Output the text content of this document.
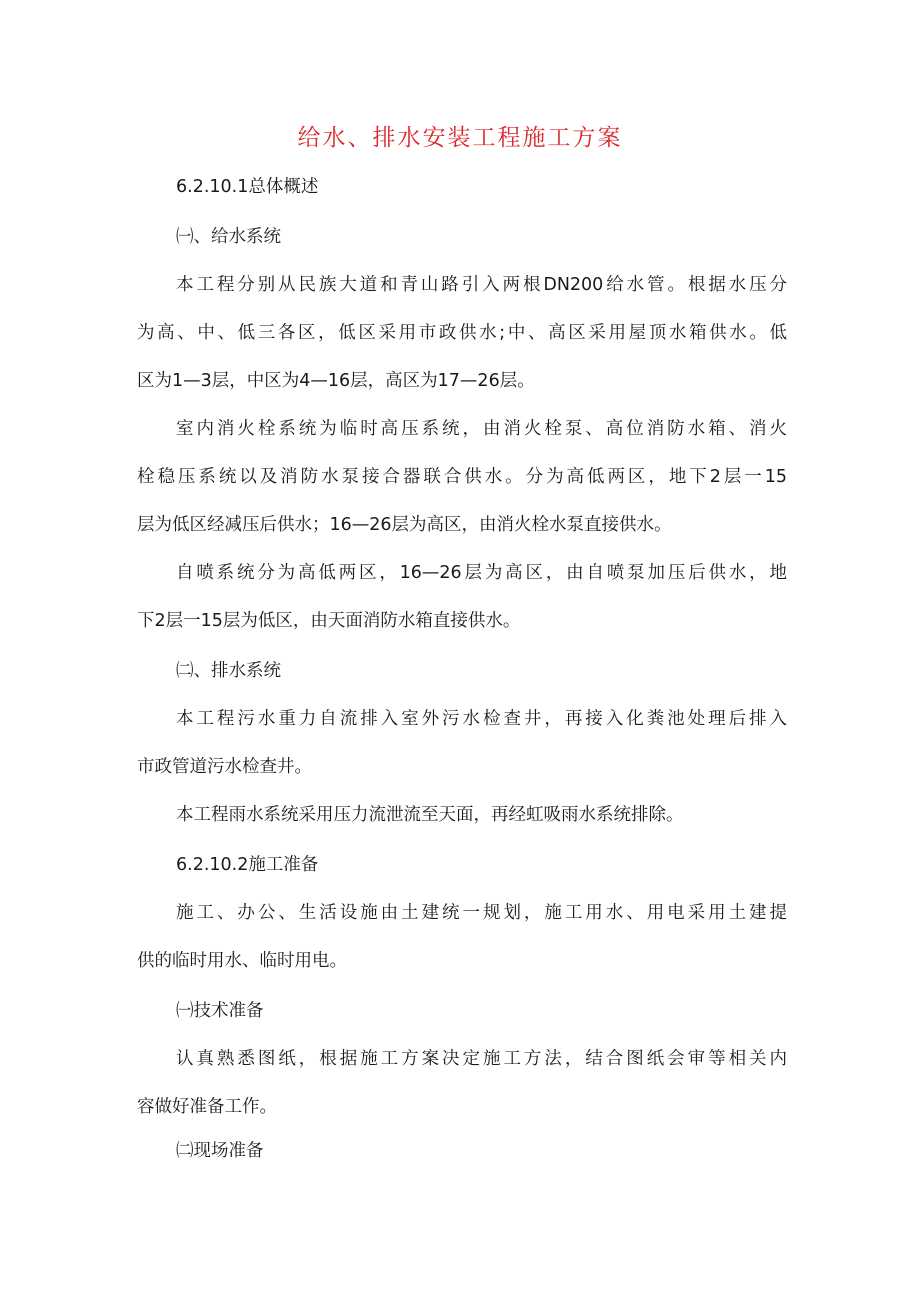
给水、排水安装工程施工方案

6.2.10.1总体概述

㈠、给水系统

本工程分别从民族大道和青山路引入两根DN200给水管。根据水压分

为高、中、低三各区，低区采用市政供水;中、高区采用屋顶水箱供水。低

区为1—3层，中区为4—16层，高区为17—26层。

室内消火栓系统为临时高压系统，由消火栓泵、高位消防水箱、消火

栓稳压系统以及消防水泵接合器联合供水。分为高低两区，地下2层一15

层为低区经减压后供水；16—26层为高区，由消火栓水泵直接供水。

自喷系统分为高低两区，16—26层为高区，由自喷泵加压后供水，地

下2层一15层为低区，由天面消防水箱直接供水。

㈡、排水系统

本工程污水重力自流排入室外污水检查井，再接入化粪池处理后排入

市政管道污水检查井。

本工程雨水系统采用压力流泄流至天面，再经虹吸雨水系统排除。

6.2.10.2施工准备

施工、办公、生活设施由土建统一规划，施工用水、用电采用土建提

供的临时用水、临时用电。

㈠技术准备

认真熟悉图纸，根据施工方案决定施工方法，结合图纸会审等相关内

容做好准备工作。

㈡现场准备
